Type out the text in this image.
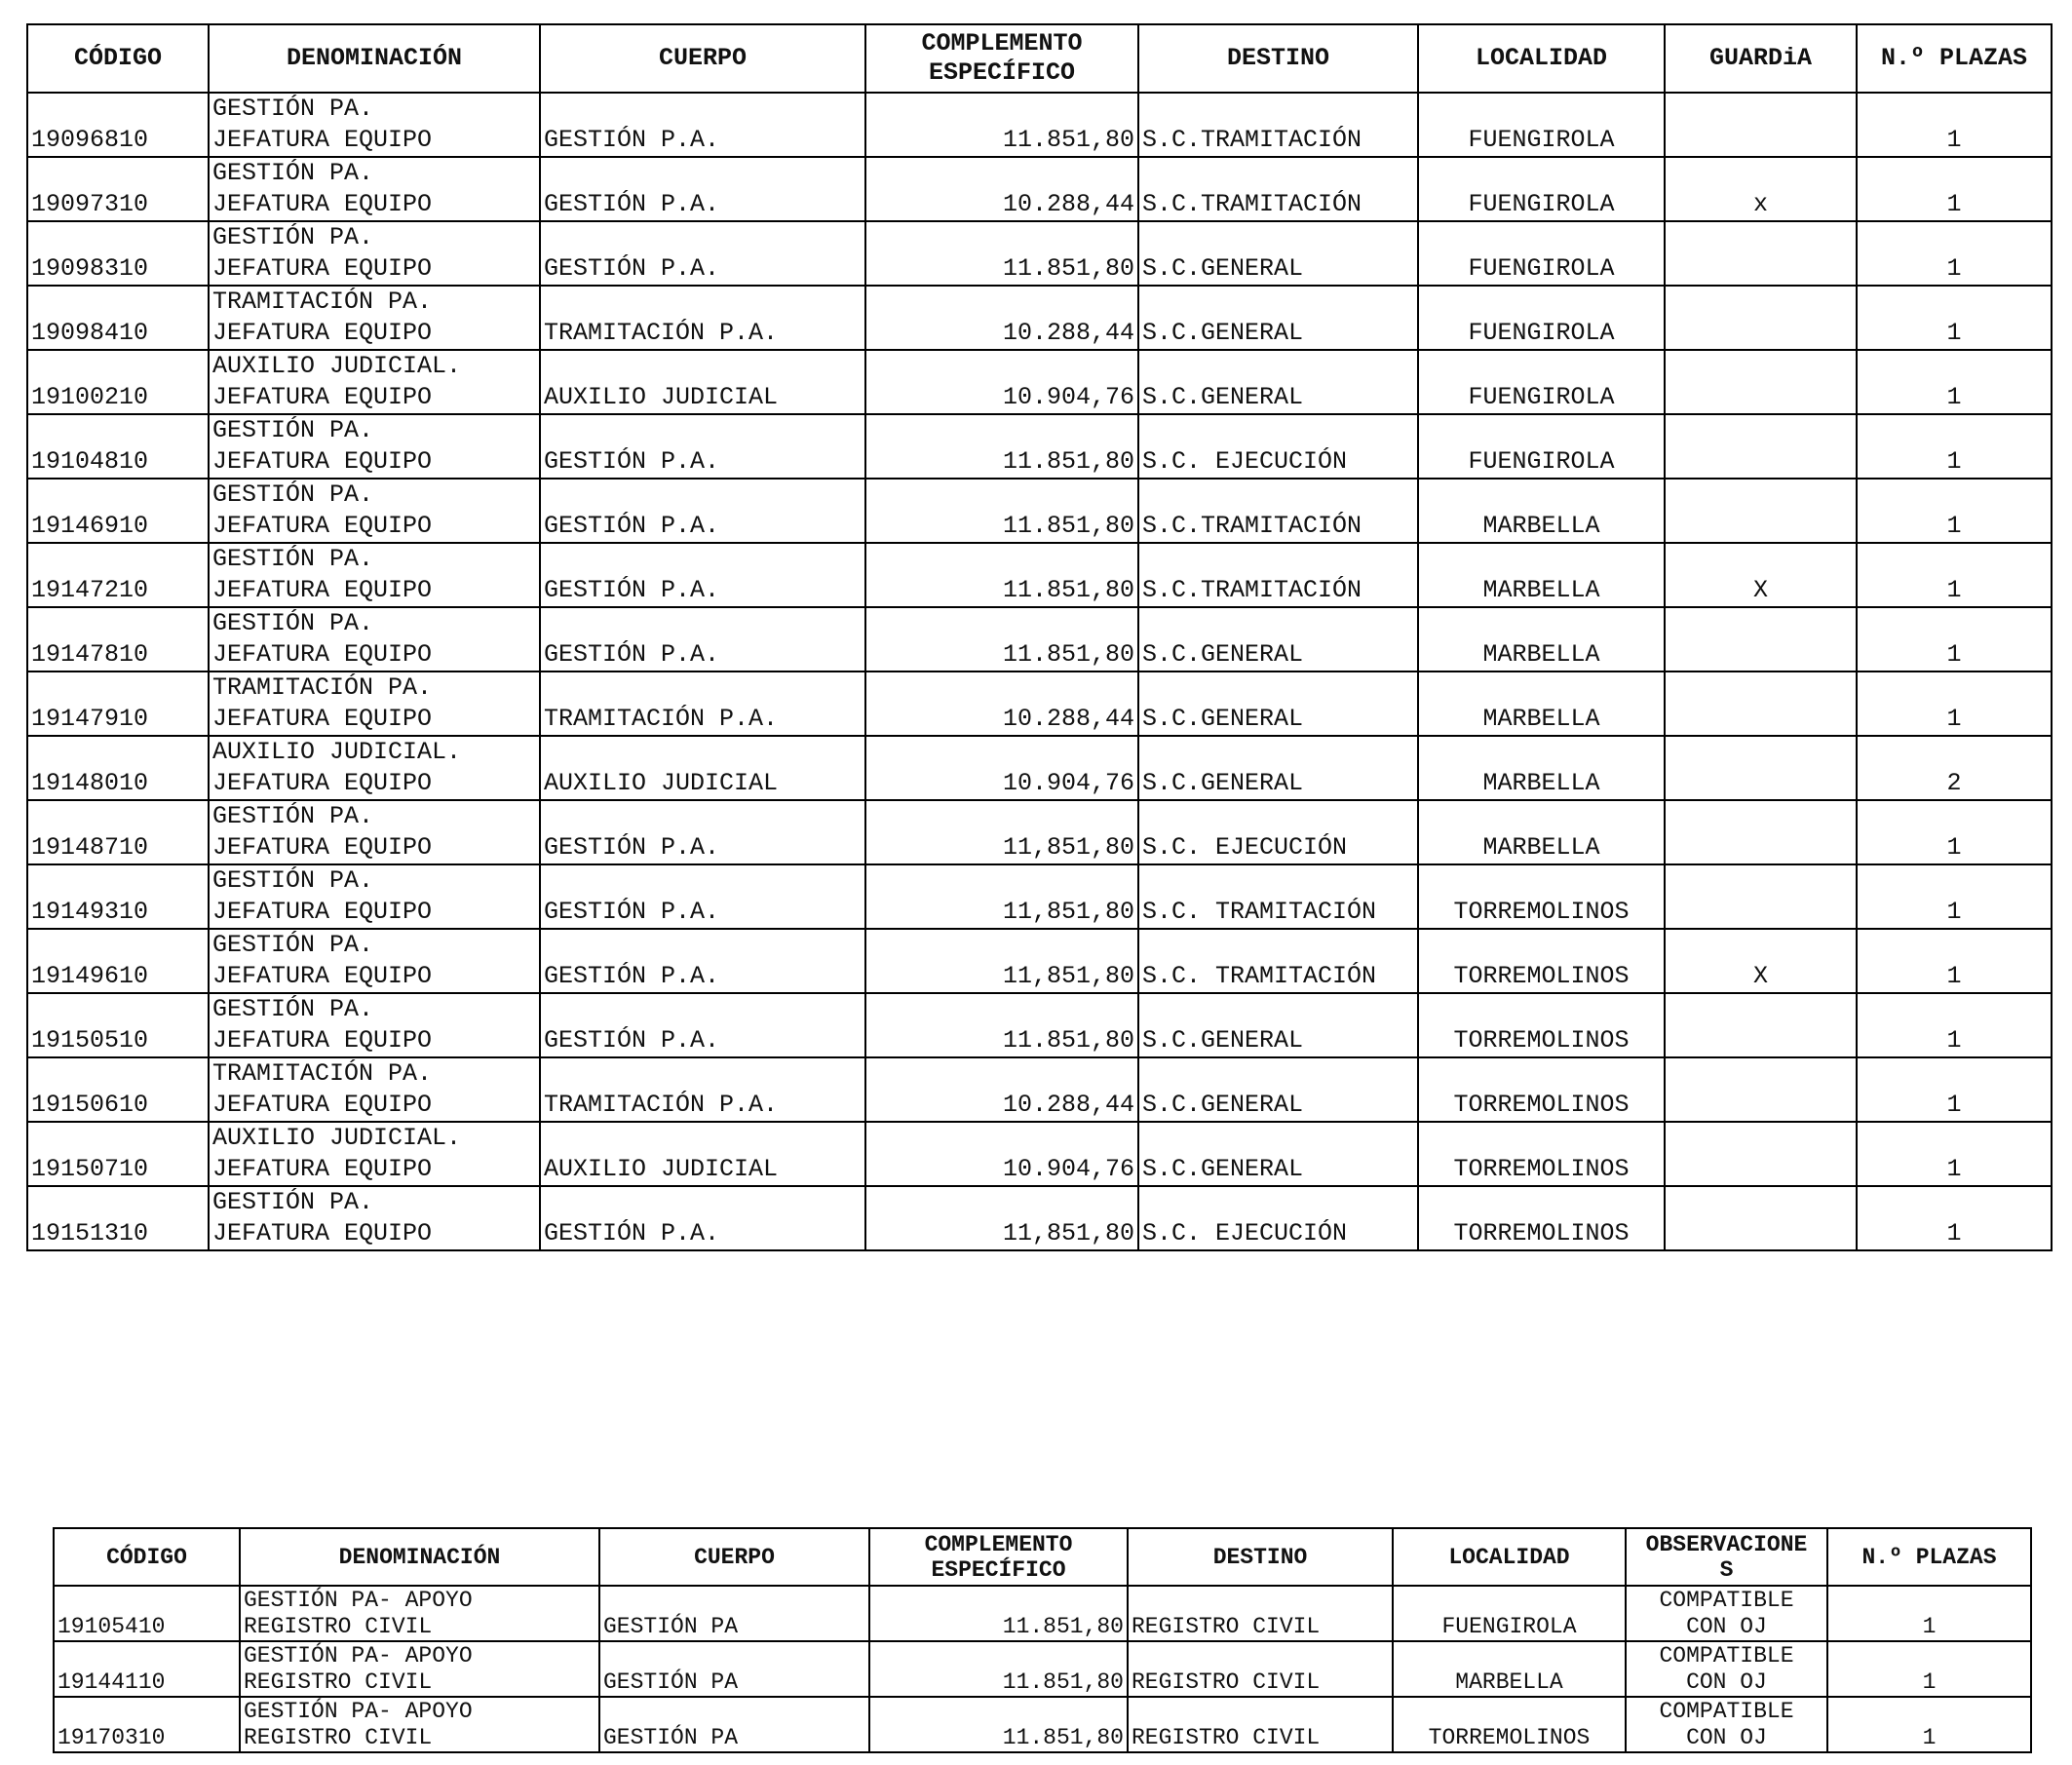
CÓDIGO	DENOMINACIÓN	CUERPO	COMPLEMENTO
ESPECÍFICO	DESTINO	LOCALIDAD	GUARDiA	N.º PLAZAS
19096810	GESTIÓN PA.
JEFATURA EQUIPO	GESTIÓN P.A.	11.851,80	S.C.TRAMITACIÓN	FUENGIROLA		1
19097310	GESTIÓN PA.
JEFATURA EQUIPO	GESTIÓN P.A.	10.288,44	S.C.TRAMITACIÓN	FUENGIROLA	x	1
19098310	GESTIÓN PA.
JEFATURA EQUIPO	GESTIÓN P.A.	11.851,80	S.C.GENERAL	FUENGIROLA		1
19098410	TRAMITACIÓN PA.
JEFATURA EQUIPO	TRAMITACIÓN P.A.	10.288,44	S.C.GENERAL	FUENGIROLA		1
19100210	AUXILIO JUDICIAL.
JEFATURA EQUIPO	AUXILIO JUDICIAL	10.904,76	S.C.GENERAL	FUENGIROLA		1
19104810	GESTIÓN PA.
JEFATURA EQUIPO	GESTIÓN P.A.	11.851,80	S.C. EJECUCIÓN	FUENGIROLA		1
19146910	GESTIÓN PA.
JEFATURA EQUIPO	GESTIÓN P.A.	11.851,80	S.C.TRAMITACIÓN	MARBELLA		1
19147210	GESTIÓN PA.
JEFATURA EQUIPO	GESTIÓN P.A.	11.851,80	S.C.TRAMITACIÓN	MARBELLA	X	1
19147810	GESTIÓN PA.
JEFATURA EQUIPO	GESTIÓN P.A.	11.851,80	S.C.GENERAL	MARBELLA		1
19147910	TRAMITACIÓN PA.
JEFATURA EQUIPO	TRAMITACIÓN P.A.	10.288,44	S.C.GENERAL	MARBELLA		1
19148010	AUXILIO JUDICIAL.
JEFATURA EQUIPO	AUXILIO JUDICIAL	10.904,76	S.C.GENERAL	MARBELLA		2
19148710	GESTIÓN PA.
JEFATURA EQUIPO	GESTIÓN P.A.	11,851,80	S.C. EJECUCIÓN	MARBELLA		1
19149310	GESTIÓN PA.
JEFATURA EQUIPO	GESTIÓN P.A.	11,851,80	S.C. TRAMITACIÓN	TORREMOLINOS		1
19149610	GESTIÓN PA.
JEFATURA EQUIPO	GESTIÓN P.A.	11,851,80	S.C. TRAMITACIÓN	TORREMOLINOS	X	1
19150510	GESTIÓN PA.
JEFATURA EQUIPO	GESTIÓN P.A.	11.851,80	S.C.GENERAL	TORREMOLINOS		1
19150610	TRAMITACIÓN PA.
JEFATURA EQUIPO	TRAMITACIÓN P.A.	10.288,44	S.C.GENERAL	TORREMOLINOS		1
19150710	AUXILIO JUDICIAL.
JEFATURA EQUIPO	AUXILIO JUDICIAL	10.904,76	S.C.GENERAL	TORREMOLINOS		1
19151310	GESTIÓN PA.
JEFATURA EQUIPO	GESTIÓN P.A.	11,851,80	S.C. EJECUCIÓN	TORREMOLINOS		1
CÓDIGO	DENOMINACIÓN	CUERPO	COMPLEMENTO
ESPECÍFICO	DESTINO	LOCALIDAD	OBSERVACIONE
S	N.º PLAZAS
19105410	GESTIÓN PA- APOYO
REGISTRO CIVIL	GESTIÓN PA	11.851,80	REGISTRO CIVIL	FUENGIROLA	COMPATIBLE
CON OJ	1
19144110	GESTIÓN PA- APOYO
REGISTRO CIVIL	GESTIÓN PA	11.851,80	REGISTRO CIVIL	MARBELLA	COMPATIBLE
CON OJ	1
19170310	GESTIÓN PA- APOYO
REGISTRO CIVIL	GESTIÓN PA	11.851,80	REGISTRO CIVIL	TORREMOLINOS	COMPATIBLE
CON OJ	1
